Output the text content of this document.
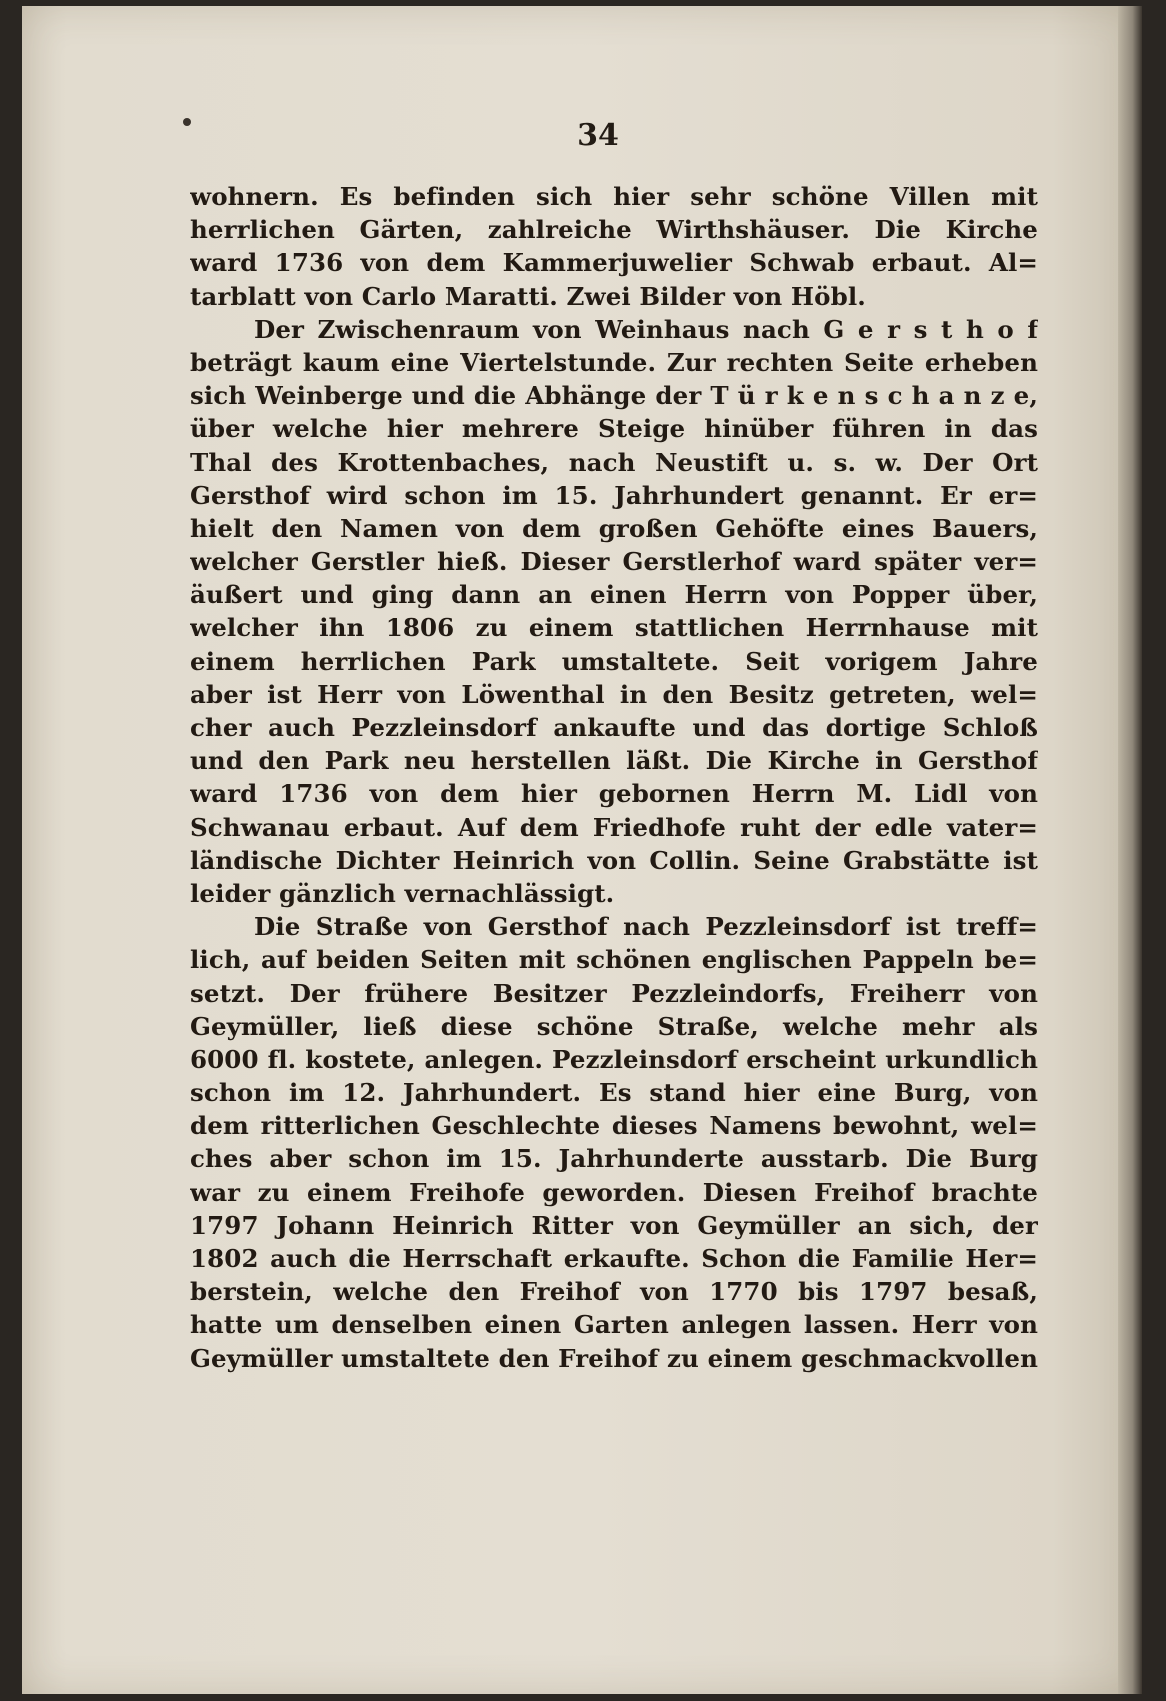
34
wohnern. Es befinden sich hier sehr schöne Villen mit
herrlichen Gärten, zahlreiche Wirthshäuser. Die Kirche
ward 1736 von dem Kammerjuwelier Schwab erbaut. Al=
tarblatt von Carlo Maratti. Zwei Bilder von Höbl.
Der Zwischenraum von Weinhaus nach G e r s t h o f
beträgt kaum eine Viertelstunde. Zur rechten Seite erheben
sich Weinberge und die Abhänge der T ü r k e n s c h a n z e,
über welche hier mehrere Steige hinüber führen in das
Thal des Krottenbaches, nach Neustift u. s. w. Der Ort
Gersthof wird schon im 15. Jahrhundert genannt. Er er=
hielt den Namen von dem großen Gehöfte eines Bauers,
welcher Gerstler hieß. Dieser Gerstlerhof ward später ver=
äußert und ging dann an einen Herrn von Popper über,
welcher ihn 1806 zu einem stattlichen Herrnhause mit
einem herrlichen Park umstaltete. Seit vorigem Jahre
aber ist Herr von Löwenthal in den Besitz getreten, wel=
cher auch Pezzleinsdorf ankaufte und das dortige Schloß
und den Park neu herstellen läßt. Die Kirche in Gersthof
ward 1736 von dem hier gebornen Herrn M. Lidl von
Schwanau erbaut. Auf dem Friedhofe ruht der edle vater=
ländische Dichter Heinrich von Collin. Seine Grabstätte ist
leider gänzlich vernachlässigt.
Die Straße von Gersthof nach Pezzleinsdorf ist treff=
lich, auf beiden Seiten mit schönen englischen Pappeln be=
setzt. Der frühere Besitzer Pezzleindorfs, Freiherr von
Geymüller, ließ diese schöne Straße, welche mehr als
6000 fl. kostete, anlegen. Pezzleinsdorf erscheint urkundlich
schon im 12. Jahrhundert. Es stand hier eine Burg, von
dem ritterlichen Geschlechte dieses Namens bewohnt, wel=
ches aber schon im 15. Jahrhunderte ausstarb. Die Burg
war zu einem Freihofe geworden. Diesen Freihof brachte
1797 Johann Heinrich Ritter von Geymüller an sich, der
1802 auch die Herrschaft erkaufte. Schon die Familie Her=
berstein, welche den Freihof von 1770 bis 1797 besaß,
hatte um denselben einen Garten anlegen lassen. Herr von
Geymüller umstaltete den Freihof zu einem geschmackvollen
